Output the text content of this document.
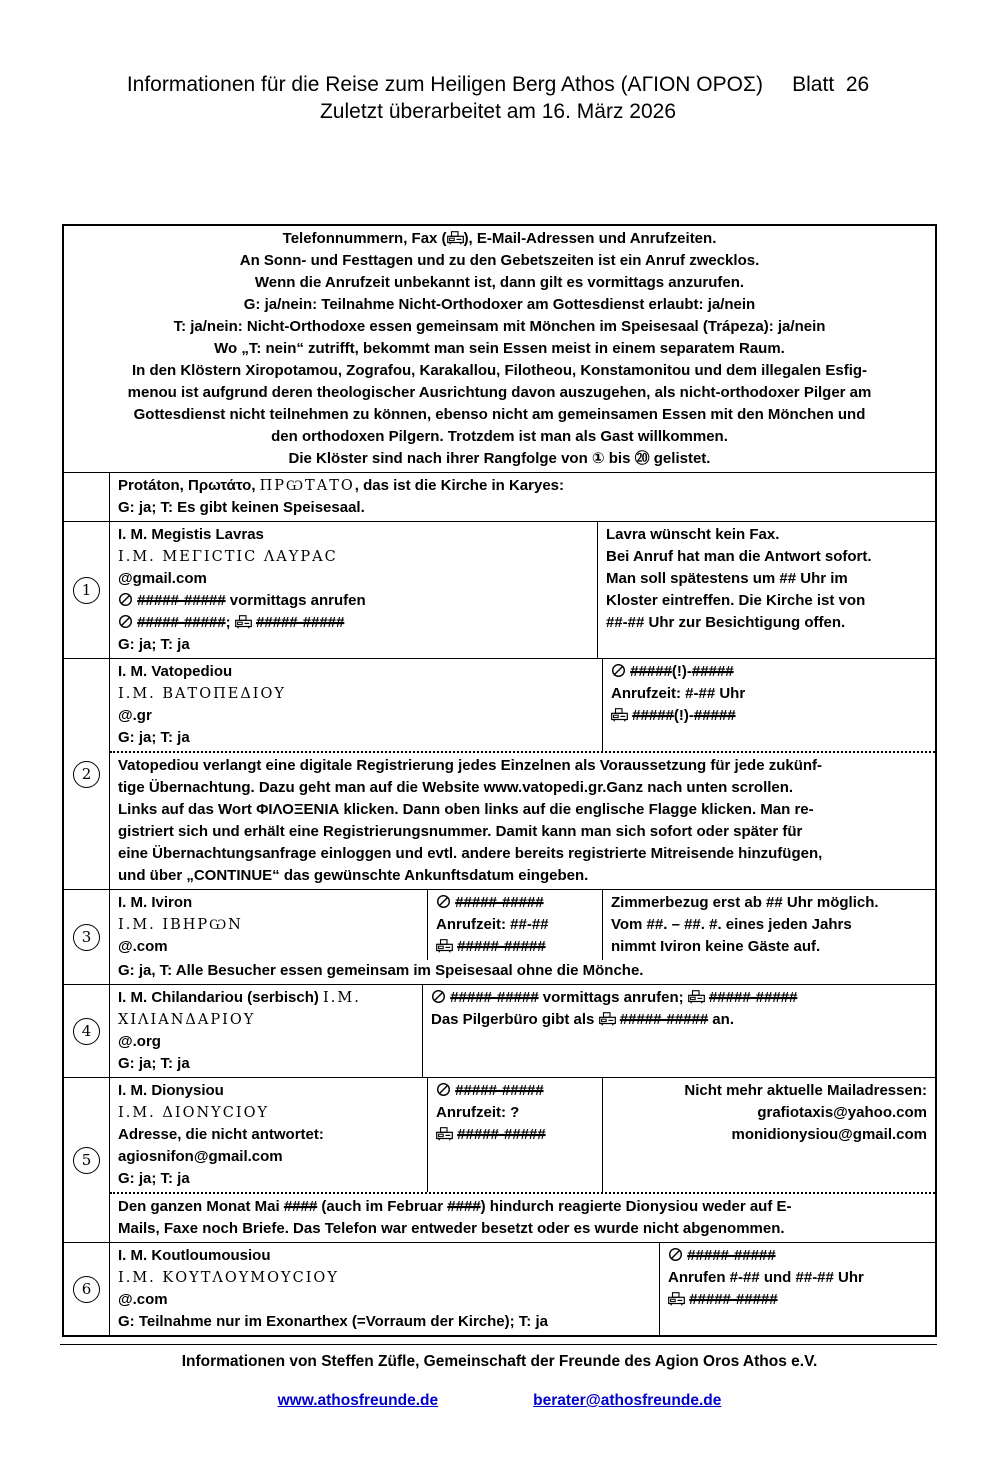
Informationen für die Reise zum Heiligen Berg Athos (ΑΓΙΟΝ ΟΡΟΣ)     Blatt  26
Zuletzt überarbeitet am 16. März 2026
Telefonnummern, Fax ( ), E-Mail-Adressen und Anrufzeiten.
An Sonn- und Festtagen und zu den Gebetszeiten ist ein Anruf zwecklos.
Wenn die Anrufzeit unbekannt ist, dann gilt es vormittags anzurufen.
G: ja/nein: Teilnahme Nicht-Orthodoxer am Gottesdienst erlaubt: ja/nein
T: ja/nein: Nicht-Orthodoxe essen gemeinsam mit Mönchen im Speisesaal (Trápeza): ja/nein
Wo „T: nein“ zutrifft, bekommt man sein Essen meist in einem separatem Raum.
In den Klöstern Xiropotamou, Zografou, Karakallou, Filotheou, Konstamonitou und dem illegalen Esfig-
menou ist aufgrund deren theologischer Ausrichtung davon auszugehen, als nicht-orthodoxer Pilger am
Gottesdienst nicht teilnehmen zu können, ebenso nicht am gemeinsamen Essen mit den Mönchen und
den orthodoxen Pilgern. Trotzdem ist man als Gast willkommen.
Die Klöster sind nach ihrer Rangfolge von ① bis ⑳ gelistet.
Protáton, Πρωτάτο, ΠΡѠΤΑΤΟ, das ist die Kirche in Karyes:
G: ja; T: Es gibt keinen Speisesaal.
1
I. M. Megistis Lavras
Ι.Μ. ΜΕΓΙϹΤΙϹ ΛΑΥΡΑϹ
@gmail.com
#####-##### vormittags anrufen
#####-#####;
#####-#####
G: ja; T: ja
Lavra wünscht kein Fax.
Bei Anruf hat man die Antwort sofort.
Man soll spätestens um ## Uhr im
Kloster eintreffen. Die Kirche ist von
##-## Uhr zur Besichtigung offen.
2
I. M. Vatopediou
Ι.Μ. ΒΑΤΟΠΕΔΙΟΥ
@.gr
G: ja; T: ja
#####(!)-#####
Anrufzeit: #-## Uhr
#####(!)-#####
Vatopediou verlangt eine digitale Registrierung jedes Einzelnen als Voraussetzung für jede zukünf-
tige Übernachtung. Dazu geht man auf die Website www.vatopedi.gr.Ganz nach unten scrollen.
Links auf das Wort ΦΙΛΟΞΕΝΙΑ klicken. Dann oben links auf die englische Flagge klicken. Man re-
gistriert sich und erhält eine Registrierungsnummer. Damit kann man sich sofort oder später für
eine Übernachtungsanfrage einloggen und evtl. andere bereits registrierte Mitreisende hinzufügen,
und über „CONTINUE“ das gewünschte Ankunftsdatum eingeben.
3
I. M. Iviron
Ι.Μ. ΙΒΗΡѠΝ
@.com
#####-#####
Anrufzeit: ##-##
#####-#####
Zimmerbezug erst ab ## Uhr möglich.
Vom ##. – ##. #. eines jeden Jahrs
nimmt Iviron keine Gäste auf.
G: ja, T: Alle Besucher essen gemeinsam im Speisesaal ohne die Mönche.
4
I. M. Chilandariou (serbisch) Ι.Μ.
ΧΙΛΙΑΝΔΑΡΙΟΥ
@.org
G: ja; T: ja
#####-##### vormittags anrufen;
#####-#####
Das Pilgerbüro gibt als
#####-##### an.
5
I. M. Dionysiou
Ι.Μ. ΔΙΟΝΥϹΙΟΥ
Adresse, die nicht antwortet:
agiosnifon@gmail.com
G: ja; T: ja
#####-#####
Anrufzeit: ?
#####-#####
Nicht mehr aktuelle Mailadressen:
grafiotaxis@yahoo.com
monidionysiou@gmail.com
Den ganzen Monat Mai #### (auch im Februar ####) hindurch reagierte Dionysiou weder auf E-
Mails, Faxe noch Briefe. Das Telefon war entweder besetzt oder es wurde nicht abgenommen.
6
I. M. Koutloumousiou
Ι.Μ. ΚΟΥΤΛΟΥΜΟΥϹΙΟΥ
@.com
G: Teilnahme nur im Exonarthex (=Vorraum der Kirche); T: ja
#####-#####
Anrufen #-## und ##-## Uhr
#####-#####
Informationen von Steffen Züfle, Gemeinschaft der Freunde des Agion Oros Athos e.V.
www.athosfreunde.de	berater@athosfreunde.de
